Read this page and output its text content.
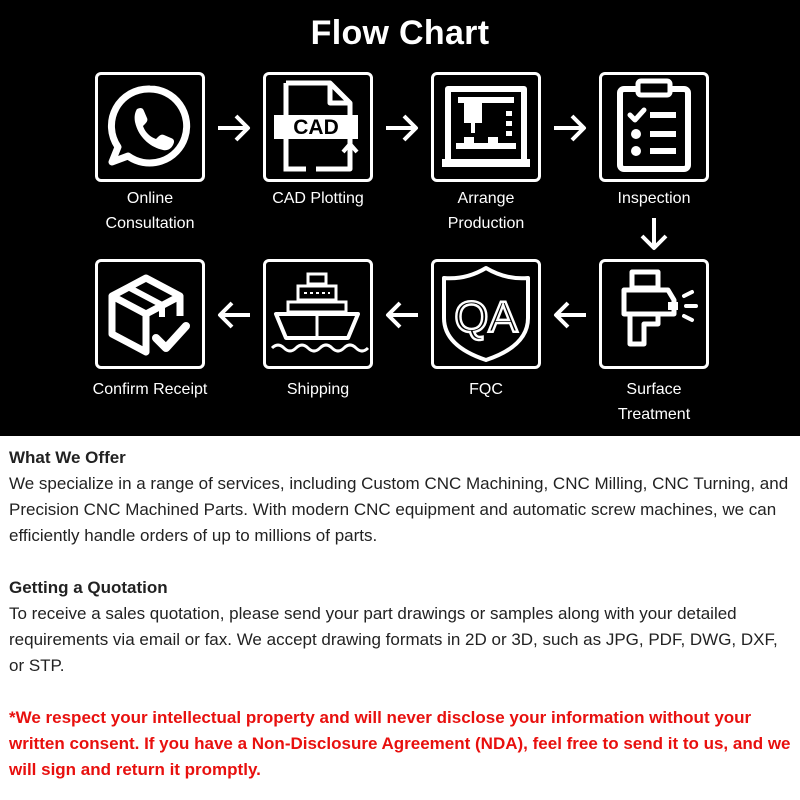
Flow Chart
Online
Consultation
CAD
CAD Plotting	Arrange
Production
Inspection
Surface
Treatment
QA
FQC
Shipping
Confirm Receipt
What We Offer
We specialize in a range of services, including Custom CNC Machining, CNC Milling, CNC Turning, and Precision CNC Machined Parts. With modern CNC equipment and automatic screw machines, we can efficiently handle orders of up to millions of parts.
Getting a Quotation
To receive a sales quotation, please send your part drawings or samples along with your detailed requirements via email or fax. We accept drawing formats in 2D or 3D, such as JPG, PDF, DWG, DXF, or STP.
*We respect your intellectual property and will never disclose your information without your written consent. If you have a Non-Disclosure Agreement (NDA), feel free to send it to us, and we will sign and return it promptly.
